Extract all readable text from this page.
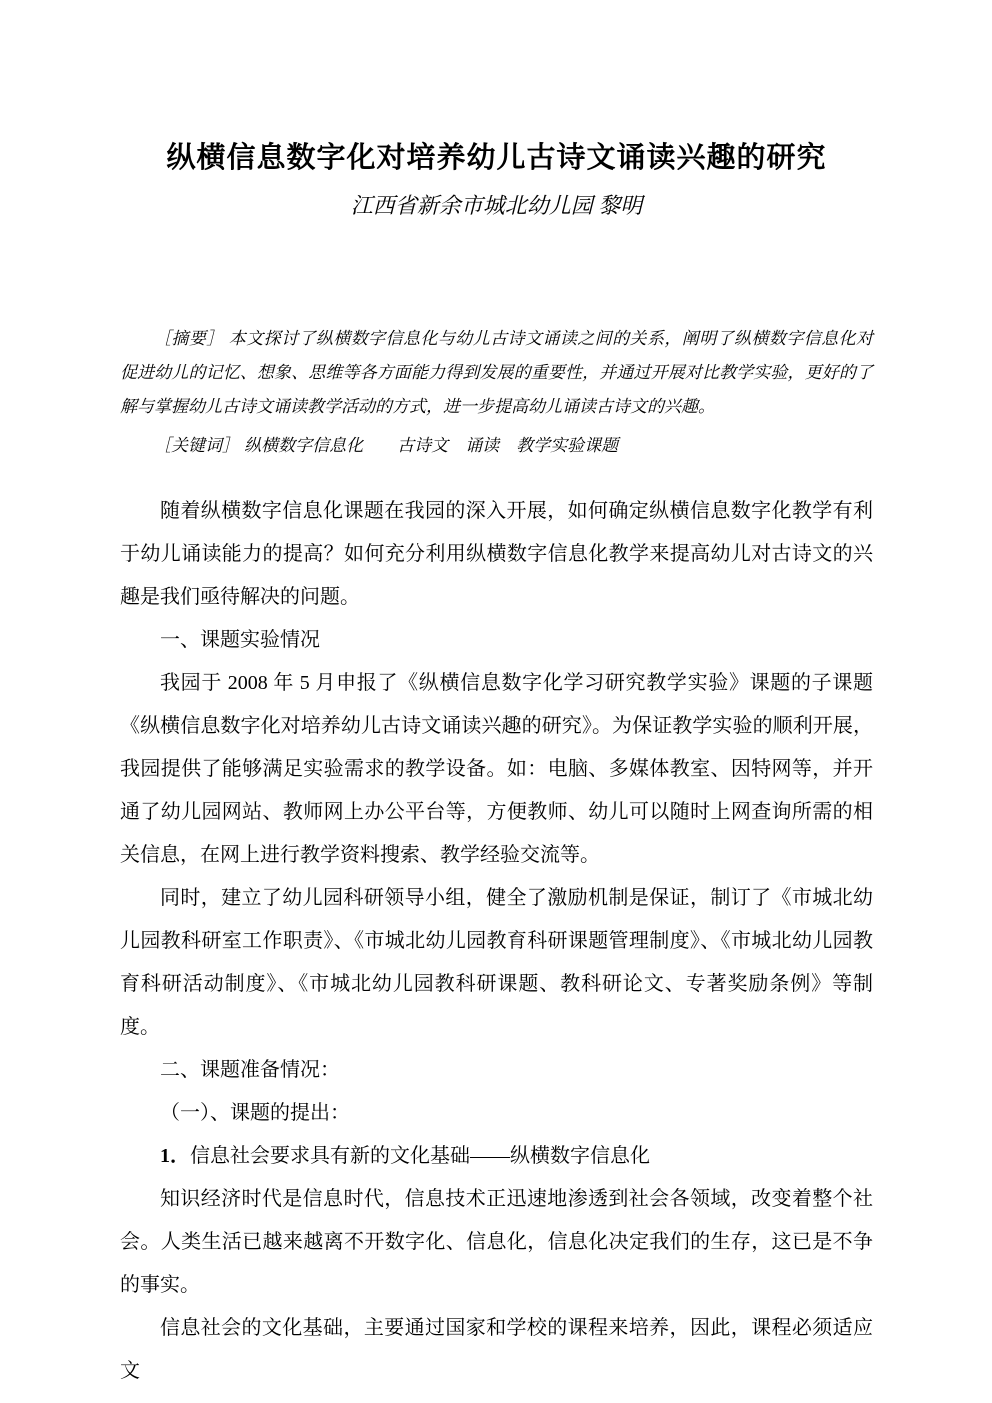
纵横信息数字化对培养幼儿古诗文诵读兴趣的研究
江西省新余市城北幼儿园 黎明

［摘要］ 本文探讨了纵横数字信息化与幼儿古诗文诵读之间的关系，阐明了纵横数字信息化对促进幼儿的记忆、想象、思维等各方面能力得到发展的重要性，并通过开展对比教学实验，更好的了解与掌握幼儿古诗文诵读教学活动的方式，进一步提高幼儿诵读古诗文的兴趣。

［关键词］ 纵横数字信息化　　古诗文　诵读　教学实验课题

随着纵横数字信息化课题在我园的深入开展，如何确定纵横信息数字化教学有利于幼儿诵读能力的提高？如何充分利用纵横数字信息化教学来提高幼儿对古诗文的兴趣是我们亟待解决的问题。

一、课题实验情况

我园于 2008 年 5 月申报了《纵横信息数字化学习研究教学实验》课题的子课题《纵横信息数字化对培养幼儿古诗文诵读兴趣的研究》。为保证教学实验的顺利开展，我园提供了能够满足实验需求的教学设备。如：电脑、多媒体教室、因特网等，并开通了幼儿园网站、教师网上办公平台等，方便教师、幼儿可以随时上网查询所需的相关信息，在网上进行教学资料搜索、教学经验交流等。

同时，建立了幼儿园科研领导小组，健全了激励机制是保证，制订了《市城北幼儿园教科研室工作职责》、《市城北幼儿园教育科研课题管理制度》、《市城北幼儿园教育科研活动制度》、《市城北幼儿园教科研课题、教科研论文、专著奖励条例》等制度。

二、课题准备情况：

（一）、课题的提出：

1．信息社会要求具有新的文化基础——纵横数字信息化

知识经济时代是信息时代，信息技术正迅速地渗透到社会各领域，改变着整个社会。人类生活已越来越离不开数字化、信息化，信息化决定我们的生存，这已是不争的事实。

信息社会的文化基础，主要通过国家和学校的课程来培养，因此，课程必须适应文
